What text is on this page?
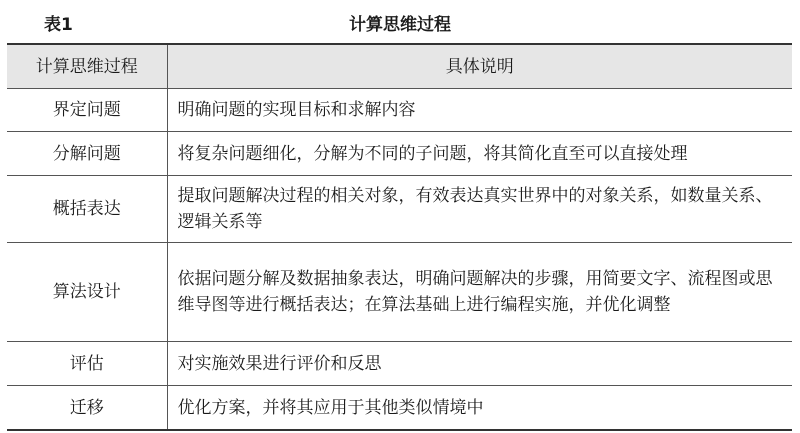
表1	计算思维过程
计算思维过程	具体说明
界定问题	明确问题的实现目标和求解内容
分解问题	将复杂问题细化，分解为不同的子问题，将其简化直至可以直接处理
概括表达	提取问题解决过程的相关对象，有效表达真实世界中的对象关系，如数量关系、逻辑关系等
算法设计	依据问题分解及数据抽象表达，明确问题解决的步骤，用简要文字、流程图或思维导图等进行概括表达；在算法基础上进行编程实施，并优化调整
评估	对实施效果进行评价和反思
迁移	优化方案，并将其应用于其他类似情境中
